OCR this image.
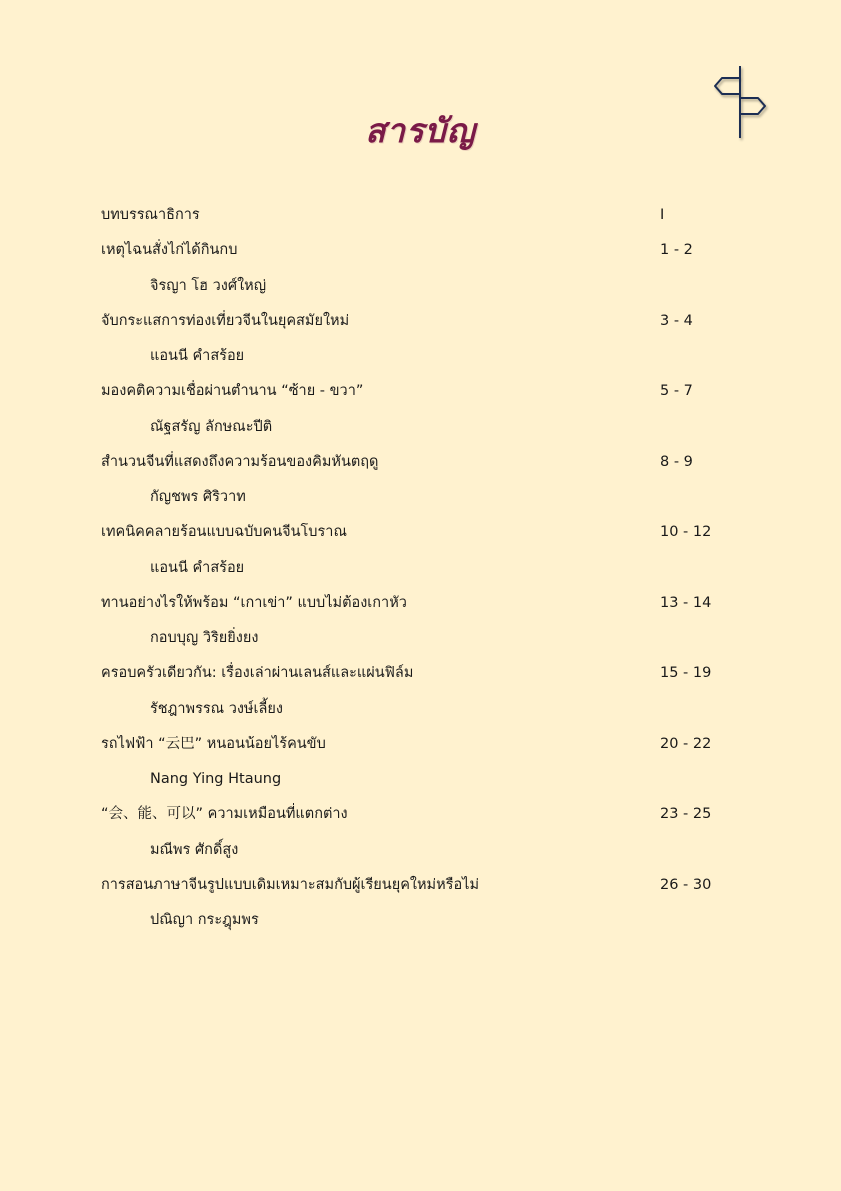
สารบัญ
บทบรรณาธิการ	I
เหตุไฉนสั่งไก่ได้กินกบ	1 - 2
จิรญา โฮ วงศ์ใหญ่
จับกระแสการท่องเที่ยวจีนในยุคสมัยใหม่	3 - 4
แอนนี คำสร้อย
มองคติความเชื่อผ่านตำนาน “ซ้าย - ขวา”	5 - 7
ณัฐสรัญ ลักษณะปีติ
สำนวนจีนที่แสดงถึงความร้อนของคิมหันตฤดู	8 - 9
กัญชพร ศิริวาท
เทคนิคคลายร้อนแบบฉบับคนจีนโบราณ	10 - 12
แอนนี คำสร้อย
ทานอย่างไรให้พร้อม “เกาเข่า” แบบไม่ต้องเกาหัว	13 - 14
กอบบุญ วิริยยิ่งยง
ครอบครัวเดียวกัน: เรื่องเล่าผ่านเลนส์และแผ่นฟิล์ม	15 - 19
รัชฎาพรรณ วงษ์เลี้ยง
รถไฟฟ้า “云巴” หนอนน้อยไร้คนขับ	20 - 22
Nang Ying Htaung
“会、能、可以” ความเหมือนที่แตกต่าง	23 - 25
มณีพร ศักดิ์สูง
การสอนภาษาจีนรูปแบบเดิมเหมาะสมกับผู้เรียนยุคใหม่หรือไม่	26 - 30
ปณิญา กระฎุมพร
